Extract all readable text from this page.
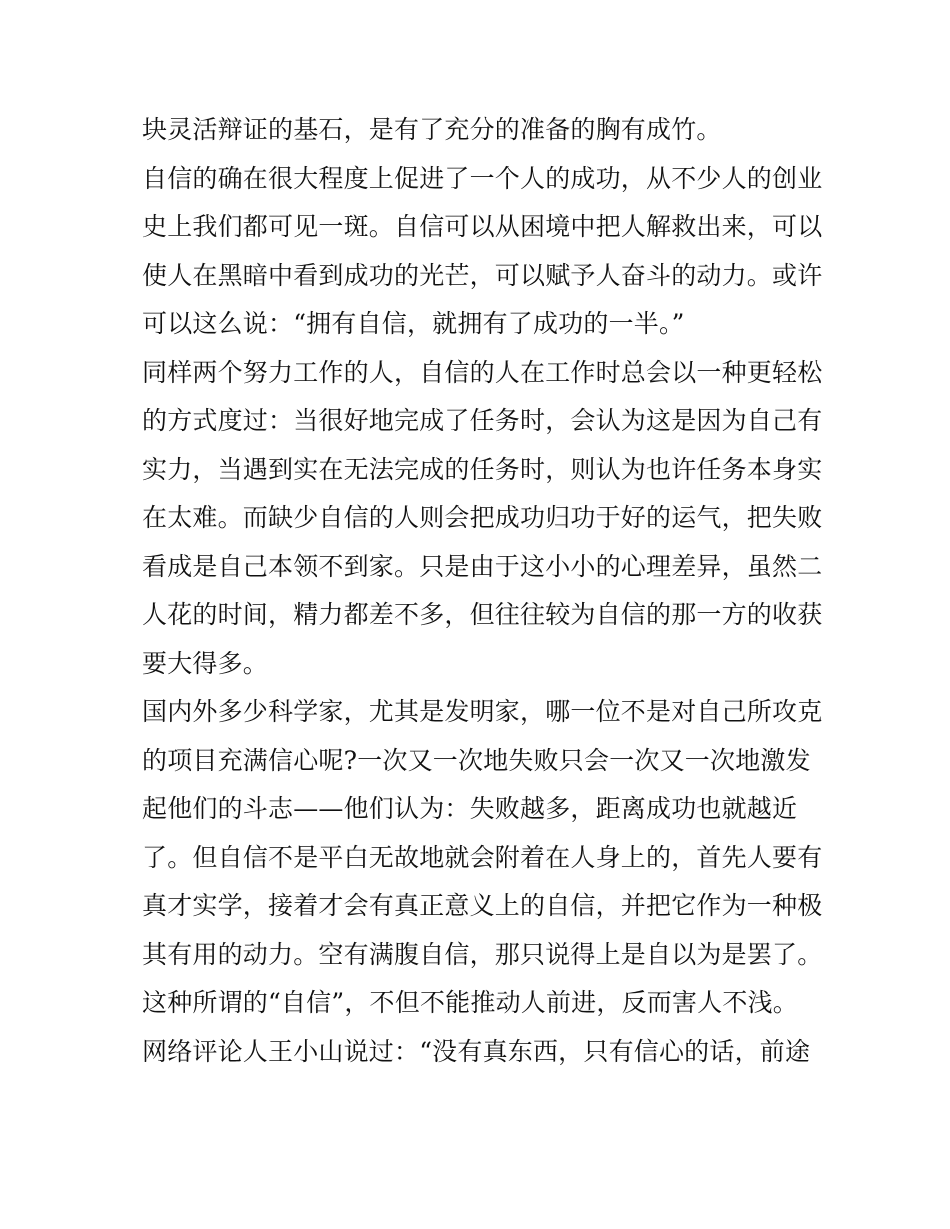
块灵活辩证的基石，是有了充分的准备的胸有成竹。
自信的确在很大程度上促进了一个人的成功，从不少人的创业
史上我们都可见一斑。自信可以从困境中把人解救出来，可以
使人在黑暗中看到成功的光芒，可以赋予人奋斗的动力。或许
可以这么说：“拥有自信，就拥有了成功的一半。”
同样两个努力工作的人，自信的人在工作时总会以一种更轻松
的方式度过：当很好地完成了任务时，会认为这是因为自己有
实力，当遇到实在无法完成的任务时，则认为也许任务本身实
在太难。而缺少自信的人则会把成功归功于好的运气，把失败
看成是自己本领不到家。只是由于这小小的心理差异，虽然二
人花的时间，精力都差不多，但往往较为自信的那一方的收获
要大得多。
国内外多少科学家，尤其是发明家，哪一位不是对自己所攻克
的项目充满信心呢?一次又一次地失败只会一次又一次地激发
起他们的斗志——他们认为：失败越多，距离成功也就越近
了。但自信不是平白无故地就会附着在人身上的，首先人要有
真才实学，接着才会有真正意义上的自信，并把它作为一种极
其有用的动力。空有满腹自信，那只说得上是自以为是罢了。
这种所谓的“自信”，不但不能推动人前进，反而害人不浅。
网络评论人王小山说过：“没有真东西，只有信心的话，前途
